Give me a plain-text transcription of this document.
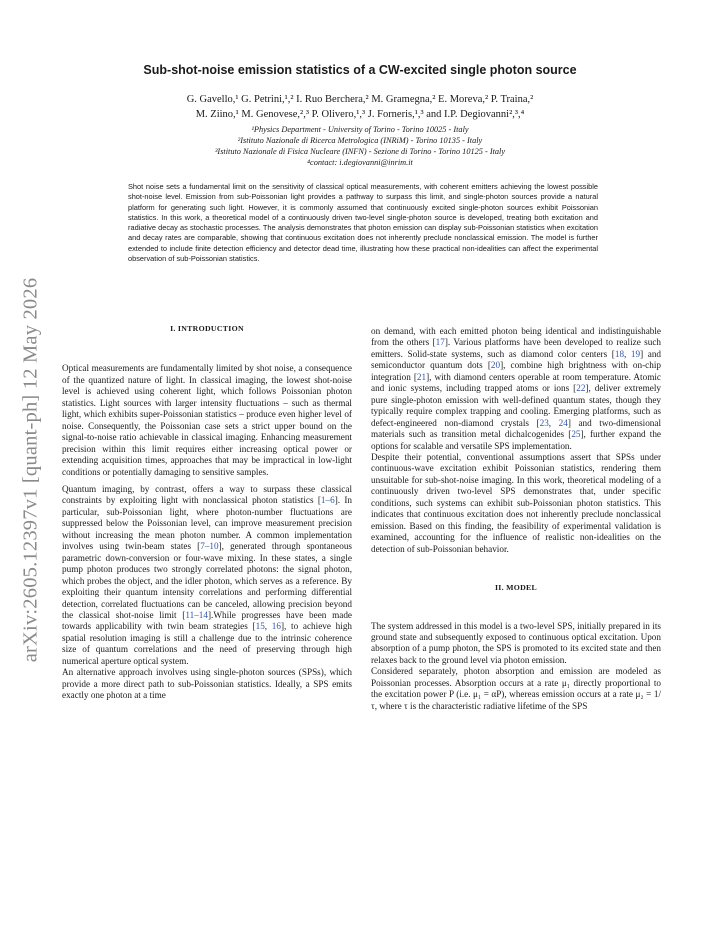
arXiv:2605.12397v1 [quant-ph] 12 May 2026
Sub-shot-noise emission statistics of a CW-excited single photon source
G. Gavello,¹ G. Petrini,¹,² I. Ruo Berchera,² M. Gramegna,² E. Moreva,² P. Traina,²
M. Ziino,¹ M. Genovese,²,³ P. Olivero,¹,³ J. Forneris,¹,³ and I.P. Degiovanni²,³,⁴
¹Physics Department - University of Torino - Torino 10025 - Italy
²Istituto Nazionale di Ricerca Metrologica (INRiM) - Torino 10135 - Italy
³Istituto Nazionale di Fisica Nucleare (INFN) - Sezione di Torino - Torino 10125 - Italy
⁴contact: i.degiovanni@inrim.it
Shot noise sets a fundamental limit on the sensitivity of classical optical measurements, with coherent emitters achieving the lowest possible shot-noise level. Emission from sub-Poissonian light provides a pathway to surpass this limit, and single-photon sources provide a natural platform for generating such light. However, it is commonly assumed that continuously excited single-photon sources exhibit Poissonian statistics. In this work, a theoretical model of a continuously driven two-level single-photon source is developed, treating both excitation and radiative decay as stochastic processes. The analysis demonstrates that photon emission can display sub-Poissonian statistics when excitation and decay rates are comparable, showing that continuous excitation does not inherently preclude nonclassical emission. The model is further extended to include finite detection efficiency and detector dead time, illustrating how these practical non-idealities can affect the experimental observation of sub-Poissonian statistics.

I. INTRODUCTION

Optical measurements are fundamentally limited by shot noise, a consequence of the quantized nature of light. In classical imaging, the lowest shot-noise level is achieved using coherent light, which follows Poissonian photon statistics. Light sources with larger intensity fluctuations – such as thermal light, which exhibits super-Poissonian statistics – produce even higher level of noise. Consequently, the Poissonian case sets a strict upper bound on the signal-to-noise ratio achievable in classical imaging. Enhancing measurement precision within this limit requires either increasing optical power or extending acquisition times, approaches that may be impractical in low-light conditions or potentially damaging to sensitive samples.

Quantum imaging, by contrast, offers a way to surpass these classical constraints by exploiting light with nonclassical photon statistics [1–6]. In particular, sub-Poissonian light, where photon-number fluctuations are suppressed below the Poissonian level, can improve measurement precision without increasing the mean photon number. A common implementation involves using twin-beam states [7–10], generated through spontaneous parametric down-conversion or four-wave mixing. In these states, a single pump photon produces two strongly correlated photons: the signal photon, which probes the object, and the idler photon, which serves as a reference. By exploiting their quantum intensity correlations and performing differential detection, correlated fluctuations can be canceled, allowing precision beyond the classical shot-noise limit [11–14].While progresses have been made towards applicability with twin beam strategies [15, 16], to achieve high spatial resolution imaging is still a challenge due to the intrinsic coherence size of quantum correlations and the need of preserving through high numerical aperture optical system.

An alternative approach involves using single-photon sources (SPSs), which provide a more direct path to sub-Poissonian statistics. Ideally, a SPS emits exactly one photon at a time

on demand, with each emitted photon being identical and indistinguishable from the others [17]. Various platforms have been developed to realize such emitters. Solid-state systems, such as diamond color centers [18, 19] and semiconductor quantum dots [20], combine high brightness with on-chip integration [21], with diamond centers operable at room temperature. Atomic and ionic systems, including trapped atoms or ions [22], deliver extremely pure single-photon emission with well-defined quantum states, though they typically require complex trapping and cooling. Emerging platforms, such as defect-engineered non-diamond crystals [23, 24] and two-dimensional materials such as transition metal dichalcogenides [25], further expand the options for scalable and versatile SPS implementation.

Despite their potential, conventional assumptions assert that SPSs under continuous-wave excitation exhibit Poissonian statistics, rendering them unsuitable for sub-shot-noise imaging. In this work, theoretical modeling of a continuously driven two-level SPS demonstrates that, under specific conditions, such systems can exhibit sub-Poissonian photon statistics. This indicates that continuous excitation does not inherently preclude nonclassical emission. Based on this finding, the feasibility of experimental validation is examined, accounting for the influence of realistic non-idealities on the detection of sub-Poissonian behavior.

II. MODEL

The system addressed in this model is a two-level SPS, initially prepared in its ground state and subsequently exposed to continuous optical excitation. Upon absorption of a pump photon, the SPS is promoted to its excited state and then relaxes back to the ground level via photon emission.

Considered separately, photon absorption and emission are modeled as Poissonian processes. Absorption occurs at a rate μ₁ directly proportional to the excitation power P (i.e. μ₁ = αP), whereas emission occurs at a rate μ₂ = 1/τ, where τ is the characteristic radiative lifetime of the SPS
